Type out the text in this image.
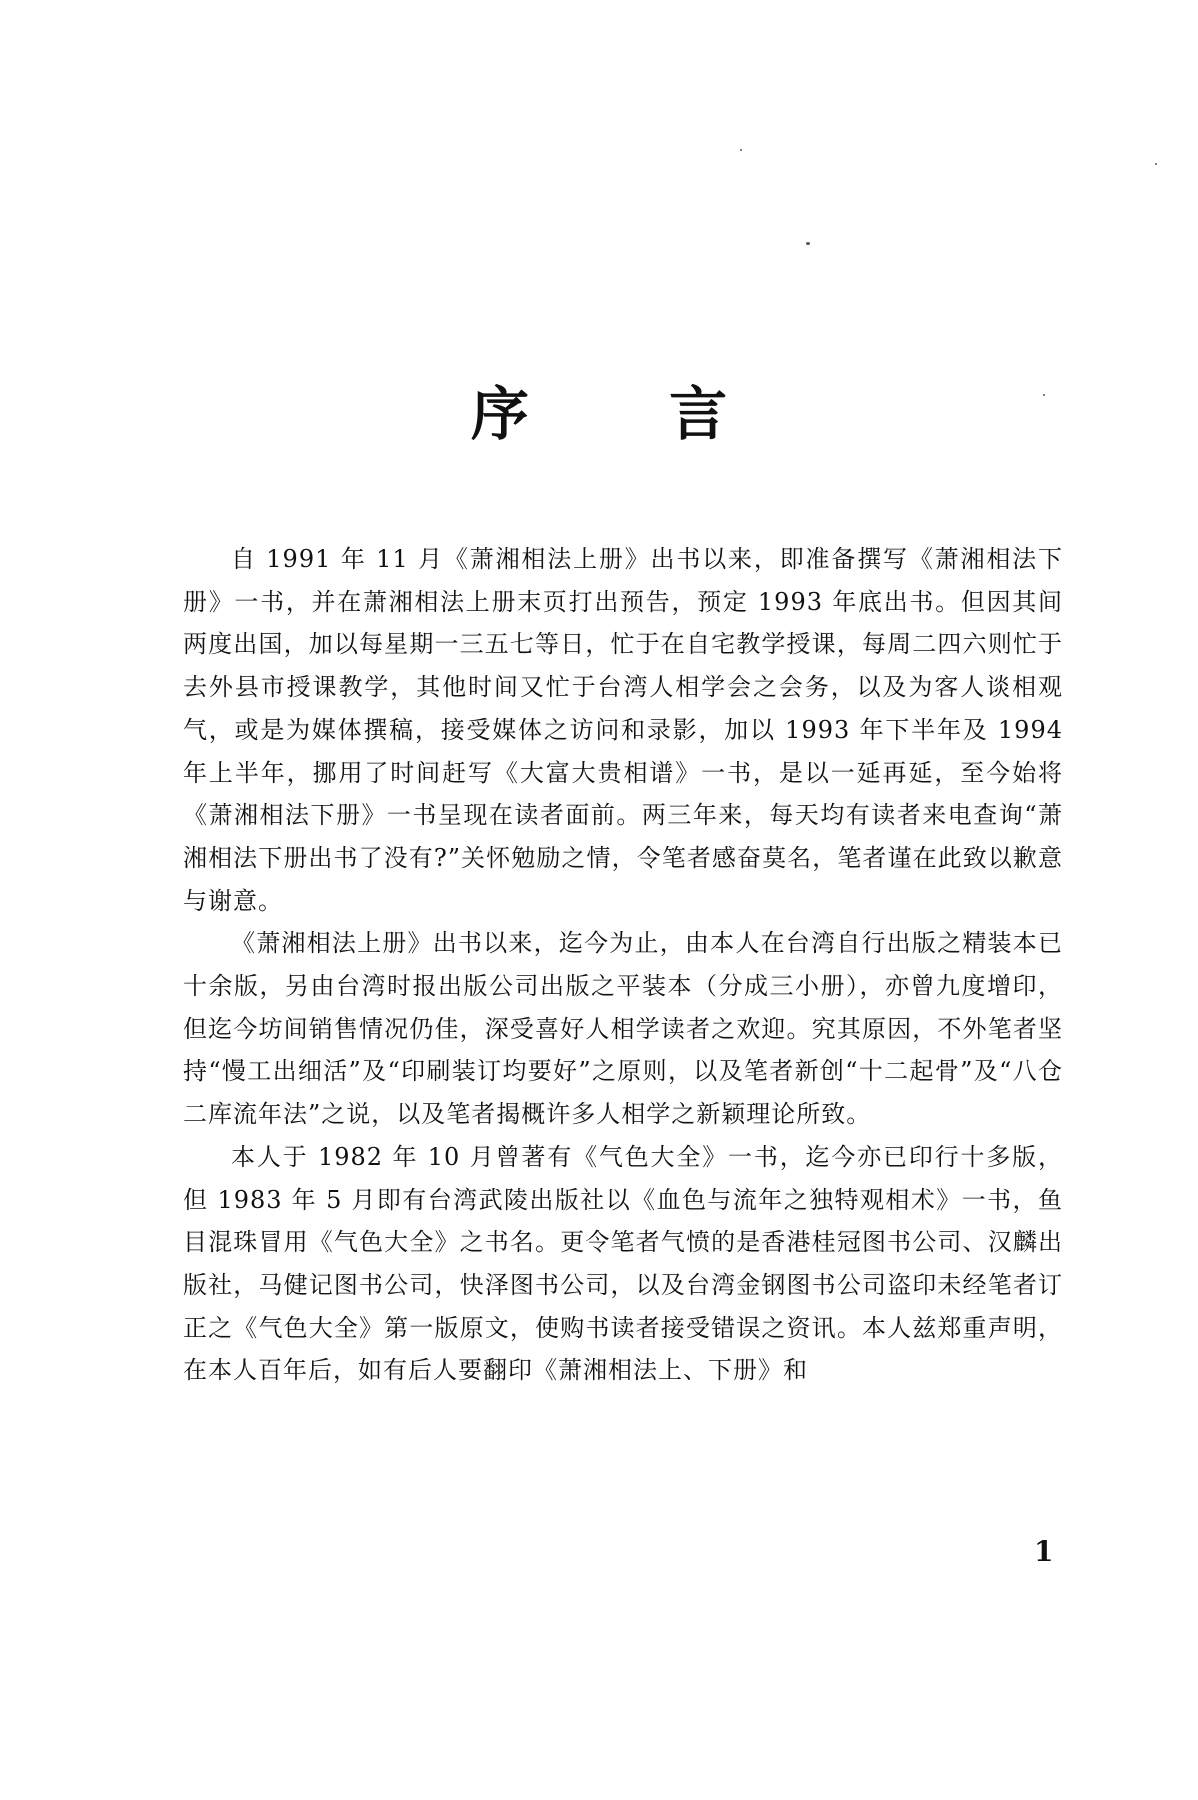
序 言

自 1991 年 11 月《萧湘相法上册》出书以来，即准备撰写《萧湘相法下册》一书，并在萧湘相法上册末页打出预告，预定 1993 年底出书。但因其间两度出国，加以每星期一三五七等日，忙于在自宅教学授课，每周二四六则忙于去外县市授课教学，其他时间又忙于台湾人相学会之会务，以及为客人谈相观气，或是为媒体撰稿，接受媒体之访问和录影，加以 1993 年下半年及 1994 年上半年，挪用了时间赶写《大富大贵相谱》一书，是以一延再延，至今始将《萧湘相法下册》一书呈现在读者面前。两三年来，每天均有读者来电查询“萧湘相法下册出书了没有?”关怀勉励之情，令笔者感奋莫名，笔者谨在此致以歉意与谢意。

《萧湘相法上册》出书以来，迄今为止，由本人在台湾自行出版之精装本已十余版，另由台湾时报出版公司出版之平装本（分成三小册），亦曾九度增印，但迄今坊间销售情况仍佳，深受喜好人相学读者之欢迎。究其原因，不外笔者坚持“慢工出细活”及“印刷装订均要好”之原则，以及笔者新创“十二起骨”及“八仓二库流年法”之说，以及笔者揭概许多人相学之新颖理论所致。

本人于 1982 年 10 月曾著有《气色大全》一书，迄今亦已印行十多版，但 1983 年 5 月即有台湾武陵出版社以《血色与流年之独特观相术》一书，鱼目混珠冒用《气色大全》之书名。更令笔者气愤的是香港桂冠图书公司、汉麟出版社，马健记图书公司，快泽图书公司，以及台湾金钢图书公司盗印未经笔者订正之《气色大全》第一版原文，使购书读者接受错误之资讯。本人兹郑重声明，在本人百年后，如有后人要翻印《萧湘相法上、下册》和

1
